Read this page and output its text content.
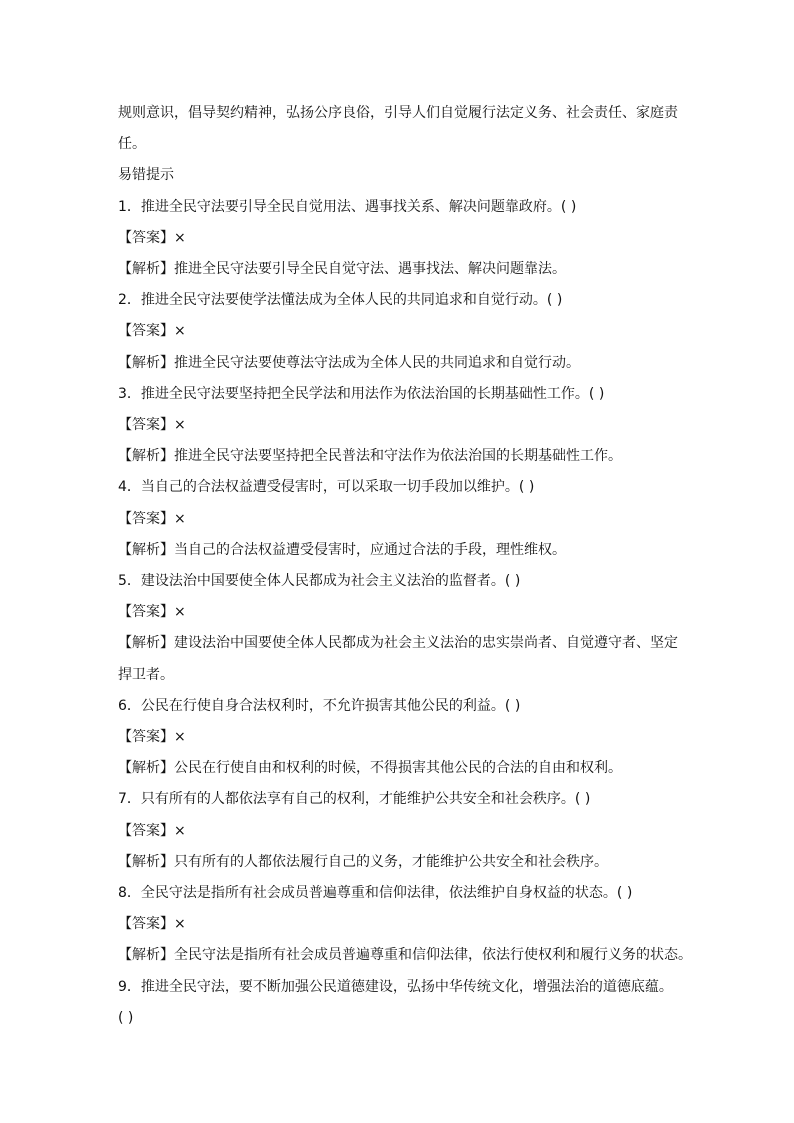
规则意识，倡导契约精神，弘扬公序良俗，引导人们自觉履行法定义务、社会责任、家庭责

任。

易错提示

1．推进全民守法要引导全民自觉用法、遇事找关系、解决问题靠政府。( )

【答案】×

【解析】推进全民守法要引导全民自觉守法、遇事找法、解决问题靠法。

2．推进全民守法要使学法懂法成为全体人民的共同追求和自觉行动。( )

【答案】×

【解析】推进全民守法要使尊法守法成为全体人民的共同追求和自觉行动。

3．推进全民守法要坚持把全民学法和用法作为依法治国的长期基础性工作。( )

【答案】×

【解析】推进全民守法要坚持把全民普法和守法作为依法治国的长期基础性工作。

4．当自己的合法权益遭受侵害时，可以采取一切手段加以维护。( )

【答案】×

【解析】当自己的合法权益遭受侵害时，应通过合法的手段，理性维权。

5．建设法治中国要使全体人民都成为社会主义法治的监督者。( )

【答案】×

【解析】建设法治中国要使全体人民都成为社会主义法治的忠实崇尚者、自觉遵守者、坚定

捍卫者。

6．公民在行使自身合法权利时，不允许损害其他公民的利益。( )

【答案】×

【解析】公民在行使自由和权利的时候，不得损害其他公民的合法的自由和权利。

7．只有所有的人都依法享有自己的权利，才能维护公共安全和社会秩序。( )

【答案】×

【解析】只有所有的人都依法履行自己的义务，才能维护公共安全和社会秩序。

8．全民守法是指所有社会成员普遍尊重和信仰法律，依法维护自身权益的状态。( )

【答案】×

【解析】全民守法是指所有社会成员普遍尊重和信仰法律，依法行使权利和履行义务的状态。

9．推进全民守法，要不断加强公民道德建设，弘扬中华传统文化，增强法治的道德底蕴。

( )
